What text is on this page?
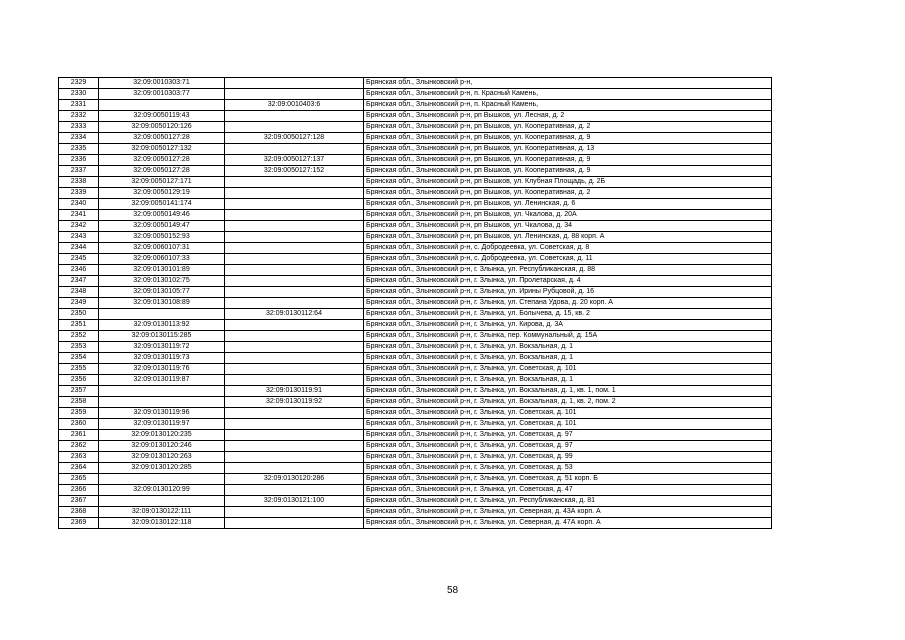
2329	32:09:0010303:71		Брянская обл., Злынковский р-н,
2330	32:09:0010303:77		Брянская обл., Злынковский р-н, п. Красный Камень,
2331		32:09:0010403:6	Брянская обл., Злынковский р-н, п. Красный Камень,
2332	32:09:0050119:43		Брянская обл., Злынковский р-н, рп Вышков, ул. Лесная, д. 2
2333	32:09:0050120:126		Брянская обл., Злынковский р-н, рп Вышков, ул. Кооперативная, д. 2
2334	32:09:0050127:28	32:09:0050127:128	Брянская обл., Злынковский р-н, рп Вышков, ул. Кооперативная, д. 9
2335	32:09:0050127:132		Брянская обл., Злынковский р-н, рп Вышков, ул. Кооперативная, д. 13
2336	32:09:0050127:28	32:09:0050127:137	Брянская обл., Злынковский р-н, рп Вышков, ул. Кооперативная, д. 9
2337	32:09:0050127:28	32:09:0050127:152	Брянская обл., Злынковский р-н, рп Вышков, ул. Кооперативная, д. 9
2338	32:09:0050127:171		Брянская обл., Злынковский р-н, рп Вышков, ул. Клубная Площадь, д. 2Б
2339	32:09:0050129:19		Брянская обл., Злынковский р-н, рп Вышков, ул. Кооперативная, д. 2
2340	32:09:0050141:174		Брянская обл., Злынковский р-н, рп Вышков, ул. Ленинская, д. 6
2341	32:09:0050149:46		Брянская обл., Злынковский р-н, рп Вышков, ул. Чкалова, д. 20А
2342	32:09:0050149:47		Брянская обл., Злынковский р-н, рп Вышков, ул. Чкалова, д. 34
2343	32:09:0050152:93		Брянская обл., Злынковский р-н, рп Вышков, ул. Ленинская, д. 88 корп. А
2344	32:09:0060107:31		Брянская обл., Злынковский р-н, с. Добродеевка, ул. Советская, д. 8
2345	32:09:0060107:33		Брянская обл., Злынковский р-н, с. Добродеевка, ул. Советская, д. 11
2346	32:09:0130101:89		Брянская обл., Злынковский р-н, г. Злынка, ул. Республиканская, д. 88
2347	32:09:0130102:75		Брянская обл., Злынковский р-н, г. Злынка, ул. Пролетарская, д. 4
2348	32:09:0130105:77		Брянская обл., Злынковский р-н, г. Злынка, ул. Ирины Рубцовой, д. 16
2349	32:09:0130108:89		Брянская обл., Злынковский р-н, г. Злынка, ул. Степана Удова, д. 20 корп. А
2350		32:09:0130112:64	Брянская обл., Злынковский р-н, г. Злынка, ул. Болычева, д. 15, кв. 2
2351	32:09:0130113:92		Брянская обл., Злынковский р-н, г. Злынка, ул. Кирова, д. 3А
2352	32:09:0130115:285		Брянская обл., Злынковский р-н, г. Злынка, пер. Коммунальный, д. 15А
2353	32:09:0130119:72		Брянская обл., Злынковский р-н, г. Злынка, ул. Вокзальная, д. 1
2354	32:09:0130119:73		Брянская обл., Злынковский р-н, г. Злынка, ул. Вокзальная, д. 1
2355	32:09:0130119:76		Брянская обл., Злынковский р-н, г. Злынка, ул. Советская, д. 101
2356	32:09:0130119:87		Брянская обл., Злынковский р-н, г. Злынка, ул. Вокзальная, д. 1
2357		32:09:0130119:91	Брянская обл., Злынковский р-н, г. Злынка, ул. Вокзальная, д. 1, кв. 1, пом. 1
2358		32:09:0130119:92	Брянская обл., Злынковский р-н, г. Злынка, ул. Вокзальная, д. 1, кв. 2, пом. 2
2359	32:09:0130119:96		Брянская обл., Злынковский р-н, г. Злынка, ул. Советская, д. 101
2360	32:09:0130119:97		Брянская обл., Злынковский р-н, г. Злынка, ул. Советская, д. 101
2361	32:09:0130120:235		Брянская обл., Злынковский р-н, г. Злынка, ул. Советская, д. 97
2362	32:09:0130120:246		Брянская обл., Злынковский р-н, г. Злынка, ул. Советская, д. 97
2363	32:09:0130120:263		Брянская обл., Злынковский р-н, г. Злынка, ул. Советская, д. 99
2364	32:09:0130120:285		Брянская обл., Злынковский р-н, г. Злынка, ул. Советская, д. 53
2365		32:09:0130120:286	Брянская обл., Злынковский р-н, г. Злынка, ул. Советская, д. 51 корп. Б
2366	32:09:0130120:99		Брянская обл., Злынковский р-н, г. Злынка, ул. Советская, д. 47
2367		32:09:0130121:100	Брянская обл., Злынковский р-н, г. Злынка, ул. Республиканская, д. 81
2368	32:09:0130122:111		Брянская обл., Злынковский р-н, г. Злынка, ул. Северная, д. 43А корп. А
2369	32:09:0130122:118		Брянская обл., Злынковский р-н, г. Злынка, ул. Северная, д. 47А корп. А
58
